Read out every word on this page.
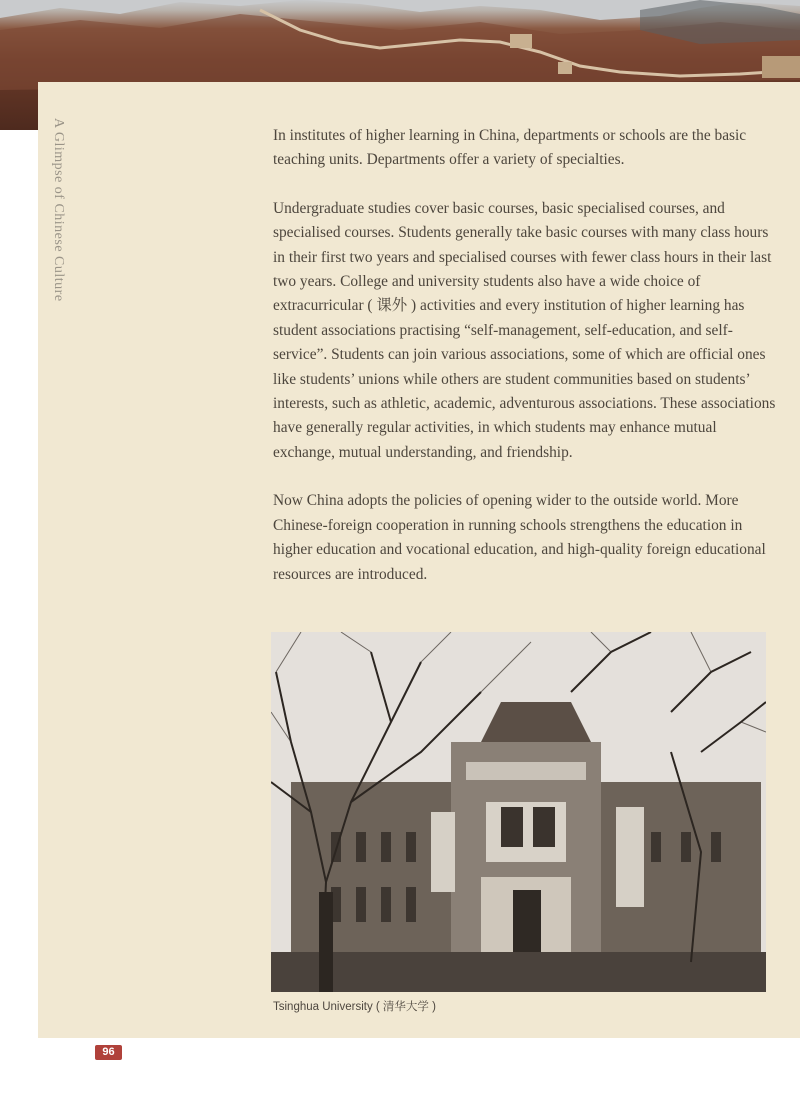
A Glimpse of Chinese Culture	In institutes of higher learning in China, departments or schools are the basic teaching units. Departments offer a variety of specialties.

Undergraduate studies cover basic courses, basic specialised courses, and specialised courses. Students generally take basic courses with many class hours in their first two years and specialised courses with fewer class hours in their last two years. College and university students also have a wide choice of extracurricular ( 课外 ) activities and every institution of higher learning has student associations practising “self-management, self-education, and self-service”. Students can join various associations, some of which are official ones like students’ unions while others are student communities based on students’ interests, such as athletic, academic, adventurous associations. These associations have generally regular activities, in which students may enhance mutual exchange, mutual understanding, and friendship.

Now China adopts the policies of opening wider to the outside world. More Chinese-foreign cooperation in running schools strengthens the education in higher education and vocational education, and high-quality foreign educational resources are introduced.

Tsinghua University ( 清华大学 )
96
